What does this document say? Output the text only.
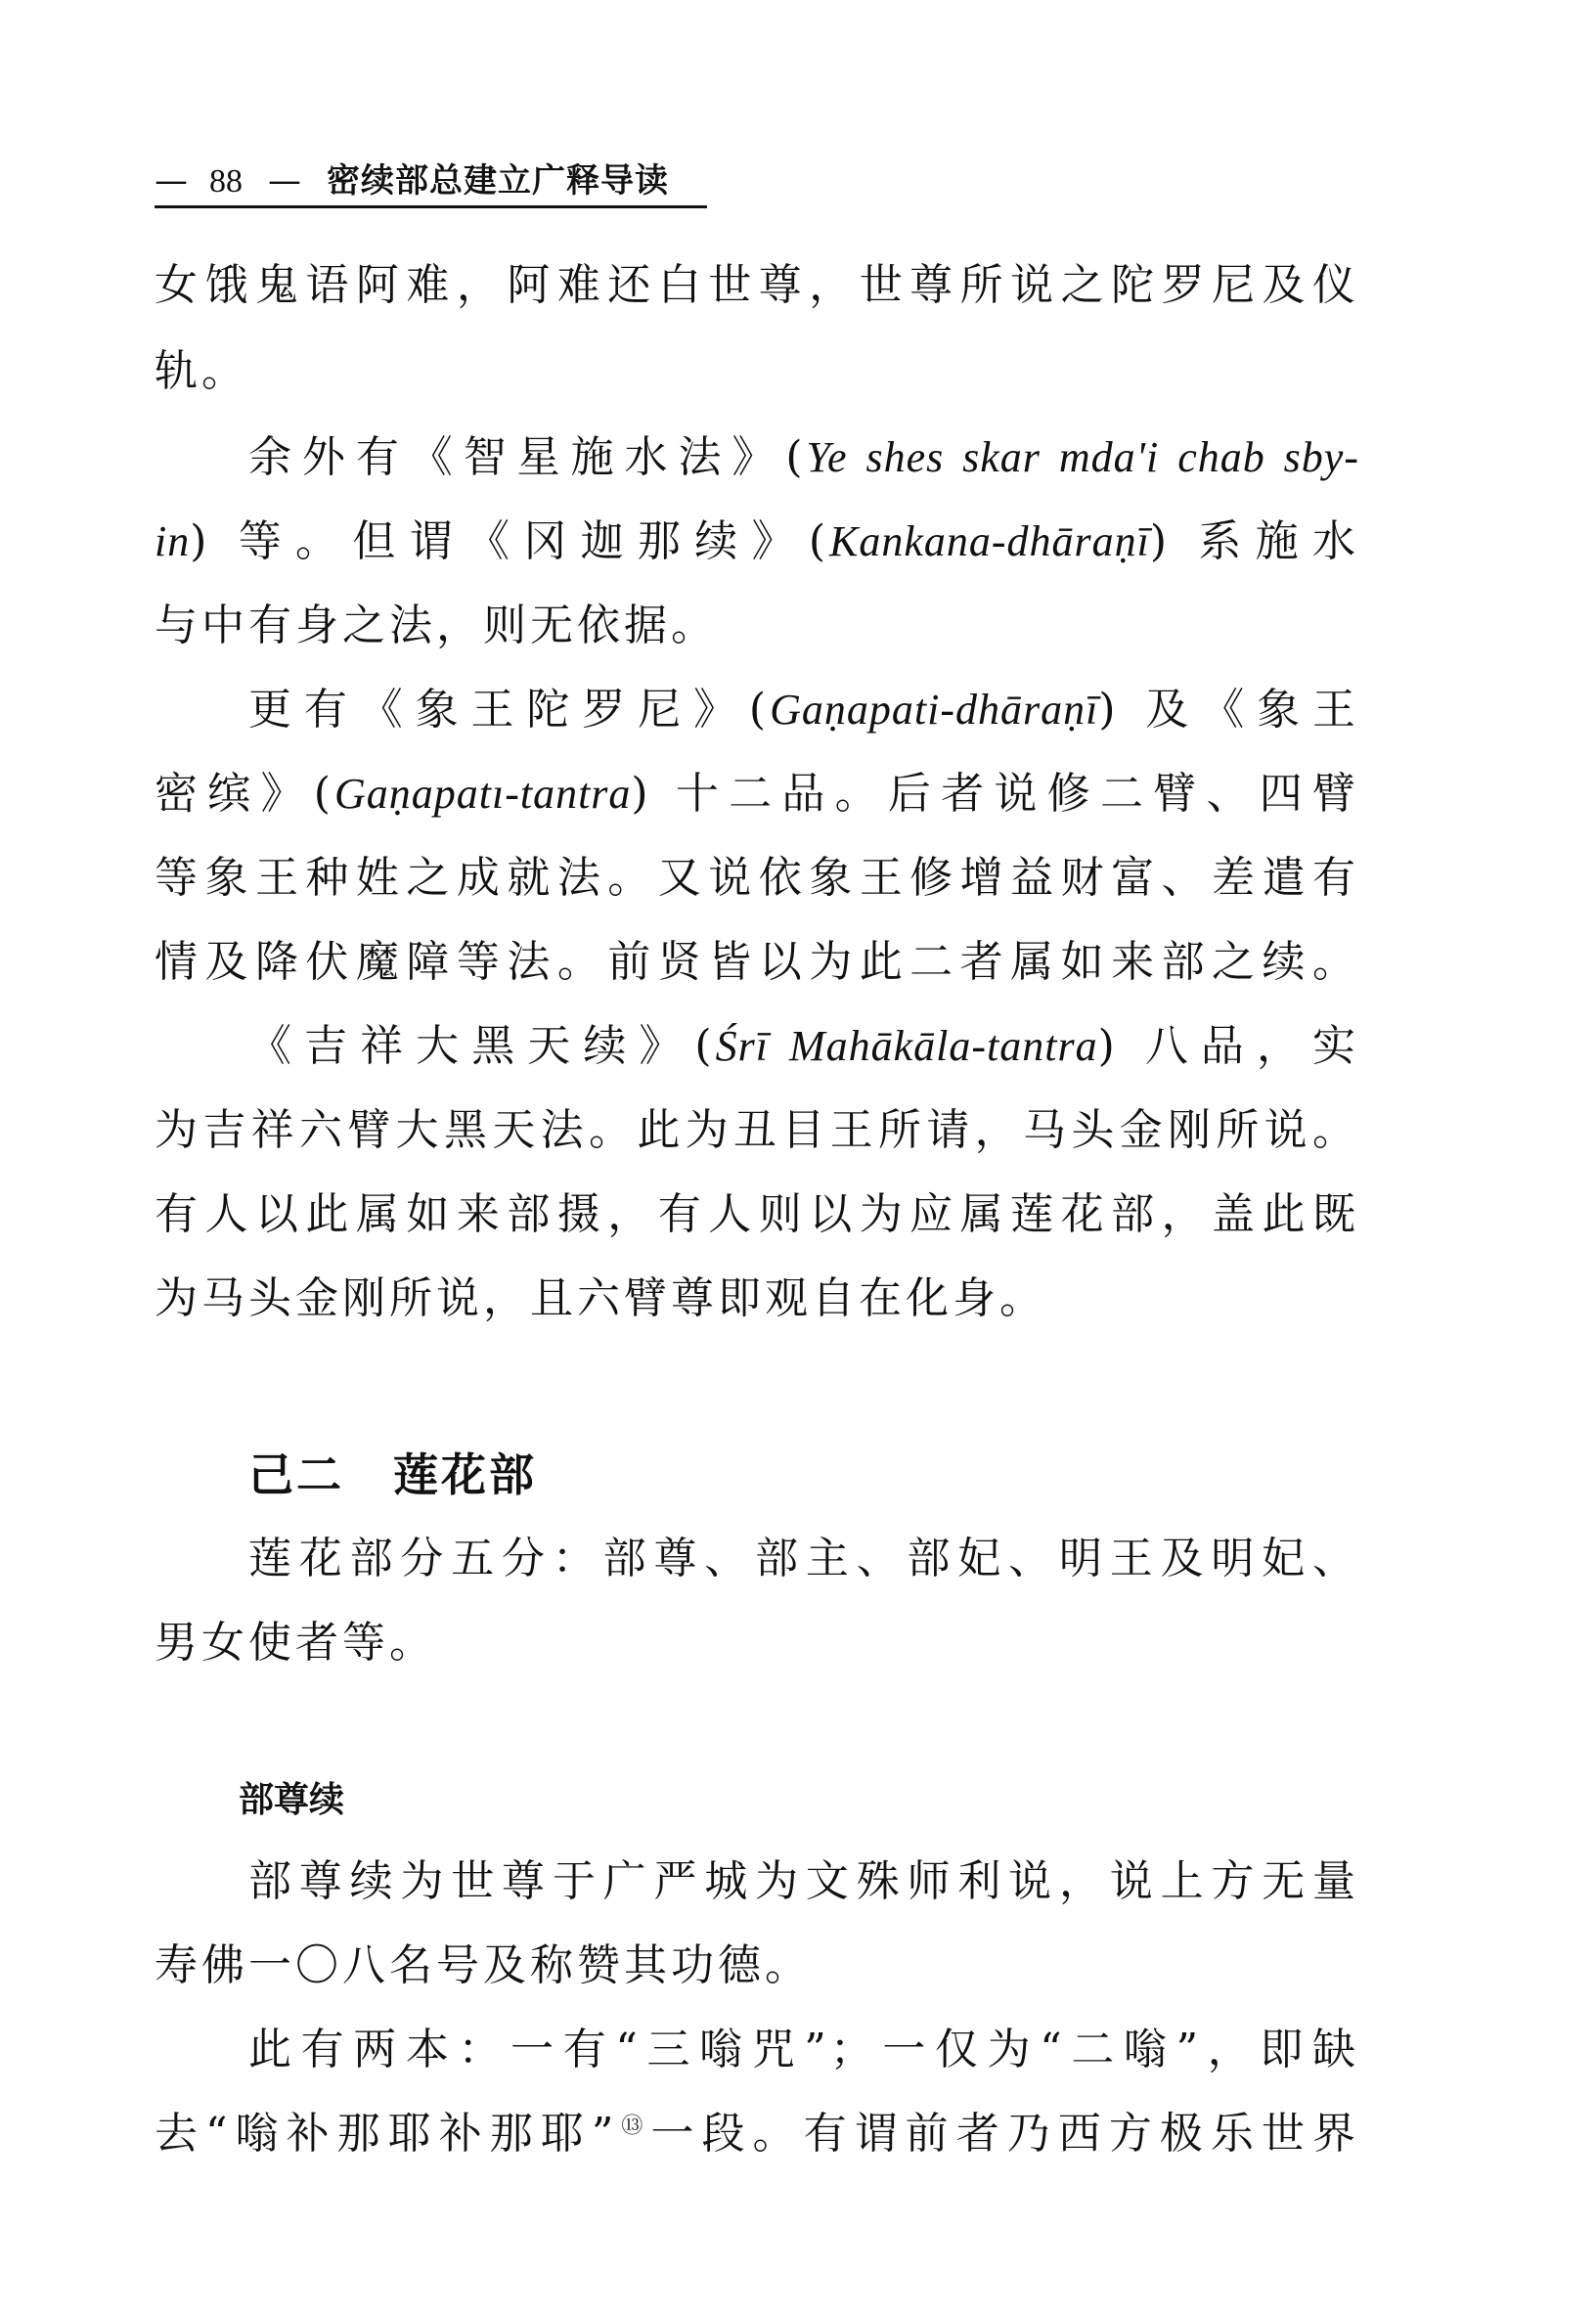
— 88 — 密续部总建立广释导读
女饿鬼语阿难，阿难还白世尊，世尊所说之陀罗尼及仪
轨。
余外有《智星施水法》(Ye shes skar mda'i chab sby-
in) 等。但谓《冈迦那续》(Kankana-dhāraṇī) 系施水
与中有身之法，则无依据。
更有《象王陀罗尼》(Gaṇapati-dhāraṇī) 及《象王
密缤》(Gaṇapatı-tantra) 十二品。后者说修二臂、四臂
等象王种姓之成就法。又说依象王修增益财富、差遣有
情及降伏魔障等法。前贤皆以为此二者属如来部之续。
《吉祥大黑天续》(Śrī Mahākāla-tantra) 八品，实
为吉祥六臂大黑天法。此为丑目王所请，马头金刚所说。
有人以此属如来部摄，有人则以为应属莲花部，盖此既
为马头金刚所说，且六臂尊即观自在化身。
己二 莲花部
莲花部分五分：部尊、部主、部妃、明王及明妃、
男女使者等。
部尊续
部尊续为世尊于广严城为文殊师利说，说上方无量
寿佛一〇八名号及称赞其功德。
此有两本：一有“三嗡咒”；一仅为“二嗡”，即缺
去“嗡补那耶补那耶”⑬一段。有谓前者乃西方极乐世界
